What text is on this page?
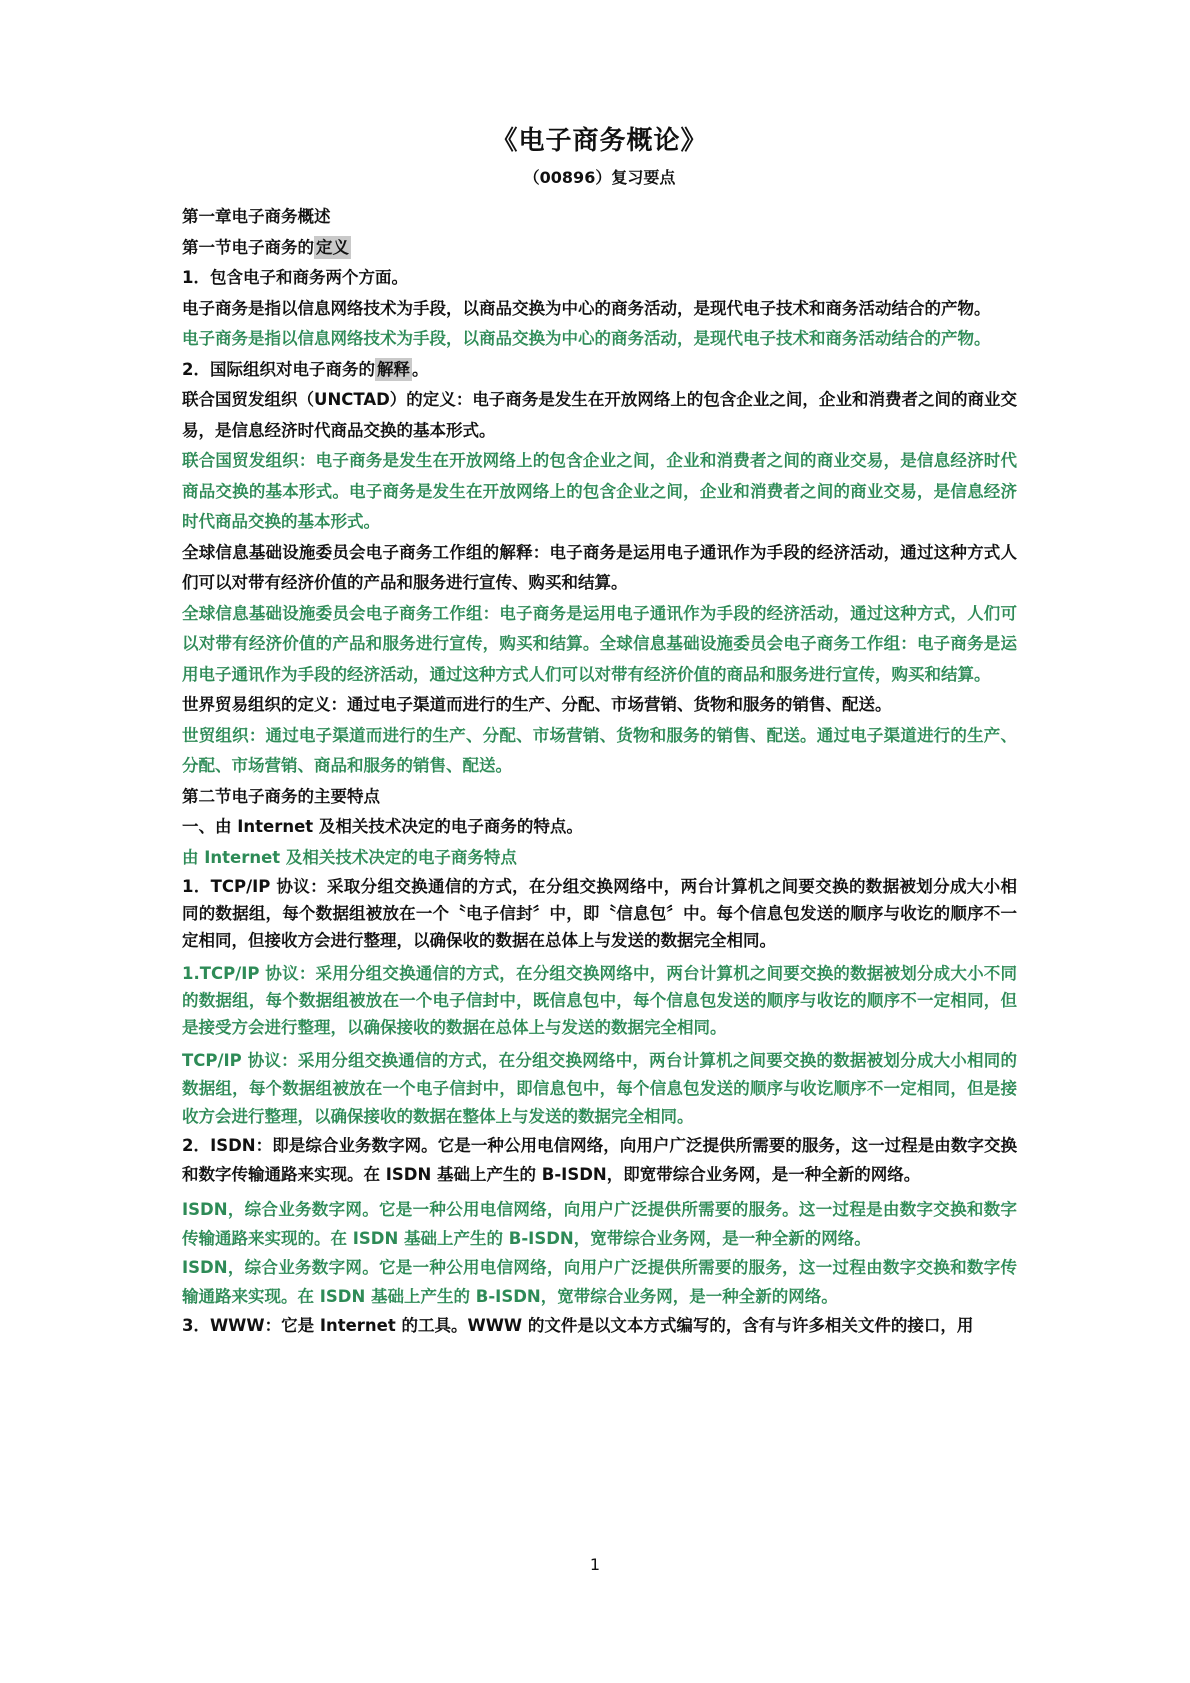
《电子商务概论》
（00896）复习要点

第一章电子商务概述

第一节电子商务的 定义

1．包含电子和商务两个方面。

电子商务是指以信息网络技术为手段，以商品交换为中心的商务活动，是现代电子技术和商务活动结合的产物。

电子商务是指以信息网络技术为手段，以商品交换为中心的商务活动，是现代电子技术和商务活动结合的产物。

2．国际组织对电子商务的 解释 。

联合国贸发组织（UNCTAD）的定义：电子商务是发生在开放网络上的包含企业之间，企业和消费者之间的商业交易，是信息经济时代商品交换的基本形式。

联合国贸发组织：电子商务是发生在开放网络上的包含企业之间，企业和消费者之间的商业交易，是信息经济时代商品交换的基本形式。电子商务是发生在开放网络上的包含企业之间，企业和消费者之间的商业交易，是信息经济时代商品交换的基本形式。

全球信息基础设施委员会电子商务工作组的解释：电子商务是运用电子通讯作为手段的经济活动，通过这种方式人们可以对带有经济价值的产品和服务进行宣传、购买和结算。

全球信息基础设施委员会电子商务工作组：电子商务是运用电子通讯作为手段的经济活动，通过这种方式，人们可以对带有经济价值的产品和服务进行宣传，购买和结算。全球信息基础设施委员会电子商务工作组：电子商务是运用电子通讯作为手段的经济活动，通过这种方式人们可以对带有经济价值的商品和服务进行宣传，购买和结算。

世界贸易组织的定义：通过电子渠道而进行的生产、分配、市场营销、货物和服务的销售、配送。

世贸组织：通过电子渠道而进行的生产、分配、市场营销、货物和服务的销售、配送。通过电子渠道进行的生产、分配、市场营销、商品和服务的销售、配送。

第二节电子商务的主要特点

一、由 Internet 及相关技术决定的电子商务的特点。

由 Internet 及相关技术决定的电子商务特点

1．TCP/IP 协议：采取分组交换通信的方式，在分组交换网络中，两台计算机之间要交换的数据被划分成大小相同的数据组，每个数据组被放在一个〝电子信封〞中，即〝信息包〞中。每个信息包发送的顺序与收讫的顺序不一定相同，但接收方会进行整理，以确保收的数据在总体上与发送的数据完全相同。

1.TCP/IP 协议：采用分组交换通信的方式，在分组交换网络中，两台计算机之间要交换的数据被划分成大小不同的数据组，每个数据组被放在一个电子信封中，既信息包中，每个信息包发送的顺序与收讫的顺序不一定相同，但是接受方会进行整理，以确保接收的数据在总体上与发送的数据完全相同。

TCP/IP 协议：采用分组交换通信的方式，在分组交换网络中，两台计算机之间要交换的数据被划分成大小相同的数据组，每个数据组被放在一个电子信封中，即信息包中，每个信息包发送的顺序与收讫顺序不一定相同，但是接收方会进行整理，以确保接收的数据在整体上与发送的数据完全相同。

2．ISDN：即是综合业务数字网。它是一种公用电信网络，向用户广泛提供所需要的服务，这一过程是由数字交换和数字传输通路来实现。在 ISDN 基础上产生的 B-ISDN，即宽带综合业务网，是一种全新的网络。

ISDN，综合业务数字网。它是一种公用电信网络，向用户广泛提供所需要的服务。这一过程是由数字交换和数字传输通路来实现的。在 ISDN 基础上产生的 B-ISDN，宽带综合业务网，是一种全新的网络。

ISDN，综合业务数字网。它是一种公用电信网络，向用户广泛提供所需要的服务，这一过程由数字交换和数字传输通路来实现。在 ISDN 基础上产生的 B-ISDN，宽带综合业务网，是一种全新的网络。

3．WWW：它是 Internet 的工具。WWW 的文件是以文本方式编写的，含有与许多相关文件的接口，用

1
